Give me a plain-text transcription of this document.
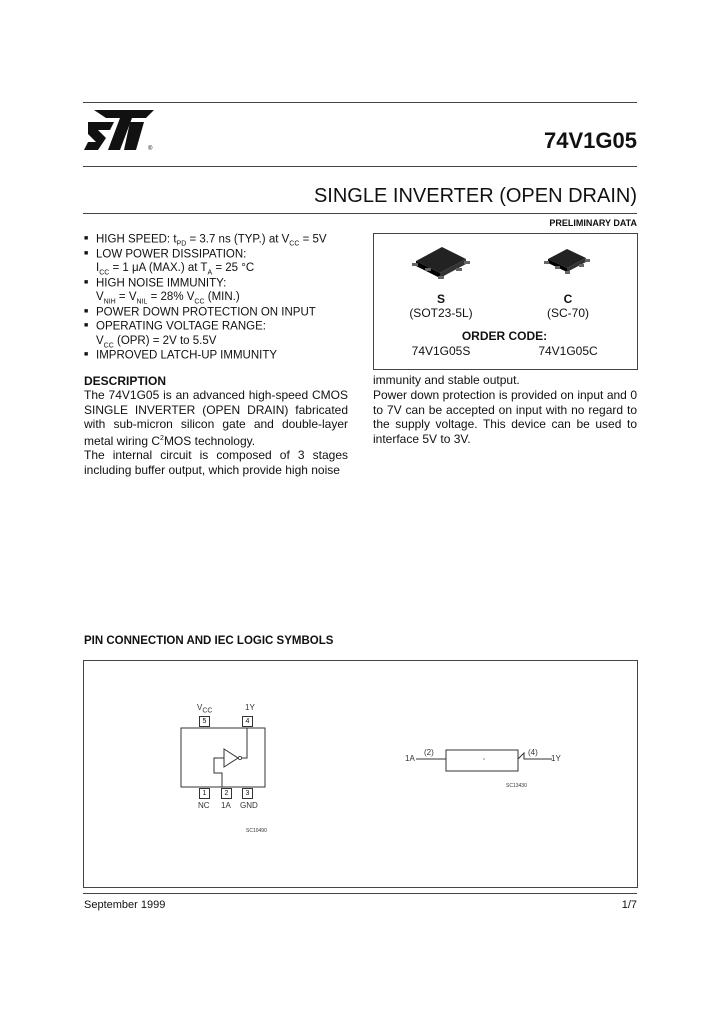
®	74V1G05
SINGLE INVERTER (OPEN DRAIN)
PRELIMINARY DATA
■ HIGH SPEED: $t_{PD} = 3.7$ ns (TYP.) at $V_{CC} = 5V$
■ LOW POWER DISSIPATION:
$I_{CC} = 1$ μA (MAX.) at $T_A = 25$ °C
■ HIGH NOISE IMMUNITY:
$V_{NIH} = V_{NIL} = 28\%$ $V_{CC}$ (MIN.)
■ POWER DOWN PROTECTION ON INPUT
■ OPERATING VOLTAGE RANGE:
$V_{CC}$ (OPR) = 2V to 5.5V
■ IMPROVED LATCH-UP IMMUNITY
S
(SOT23-5L)
C
(SC-70)
ORDER CODE:
74V1G05S	74V1G05C
DESCRIPTION
The 74V1G05 is an advanced high-speed CMOS SINGLE INVERTER (OPEN DRAIN) fabricated with sub-micron silicon gate and double-layer metal wiring $C^2MOS$ technology.
The internal circuit is composed of 3 stages including buffer output, which provide high noise
immunity and stable output.
Power down protection is provided on input and 0 to 7V can be accepted on input with no regard to the supply voltage. This device can be used to interface 5V to 3V.
PIN CONNECTION AND IEC LOGIC SYMBOLS
$V_{CC}$	1Y
5	4
1	2	3
NC 1A GND
SC10490
1A
(2)	(4)
1Y
SC13430
September 1999	1/7
